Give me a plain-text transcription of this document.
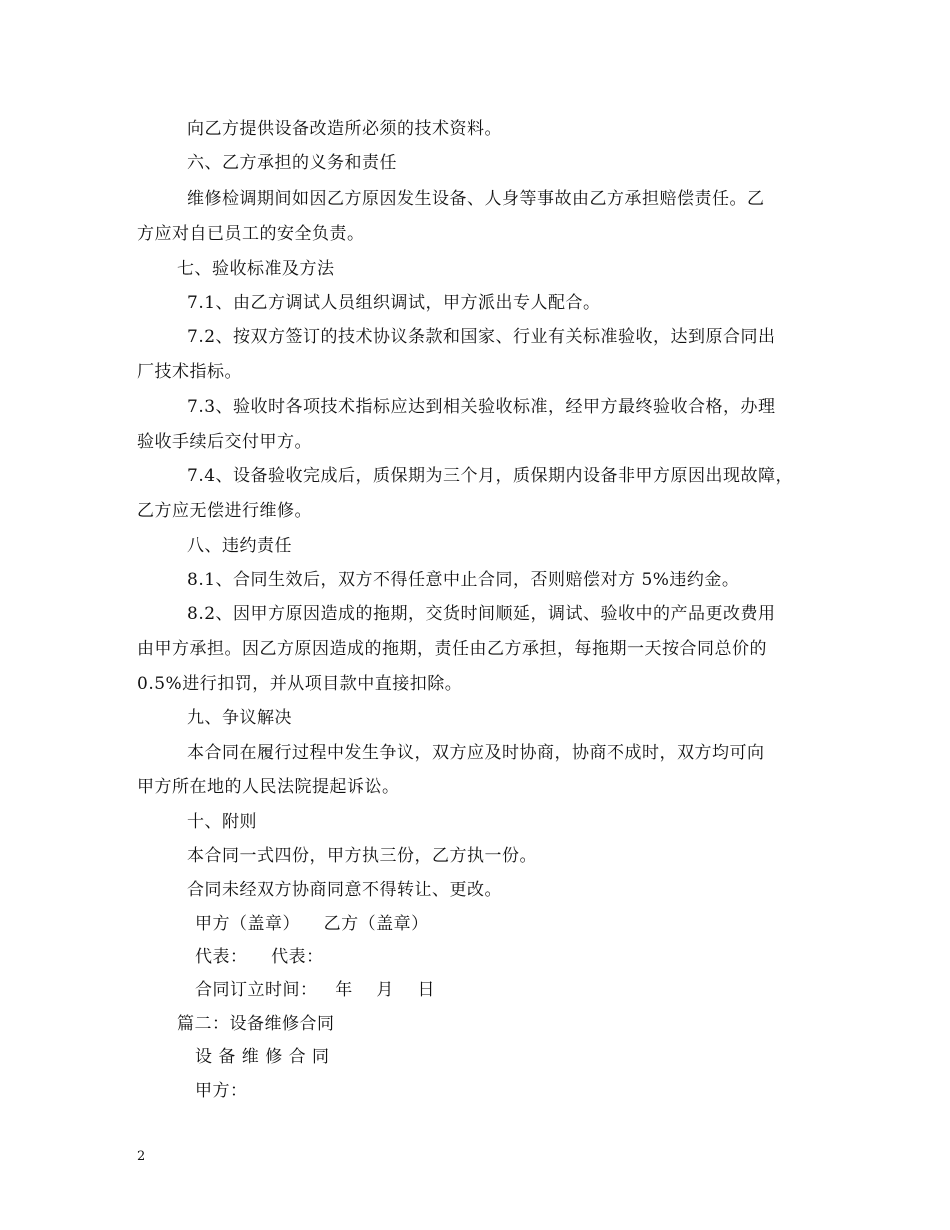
向乙方提供设备改造所必须的技术资料。
六、乙方承担的义务和责任
维修检调期间如因乙方原因发生设备、人身等事故由乙方承担赔偿责任。乙
方应对自已员工的安全负责。
七、验收标准及方法
7.1、由乙方调试人员组织调试，甲方派出专人配合。
7.2、按双方签订的技术协议条款和国家、行业有关标准验收，达到原合同出
厂技术指标。
7.3、验收时各项技术指标应达到相关验收标准，经甲方最终验收合格，办理
验收手续后交付甲方。
7.4、设备验收完成后，质保期为三个月，质保期内设备非甲方原因出现故障，
乙方应无偿进行维修。
八、违约责任
8.1、合同生效后，双方不得任意中止合同，否则赔偿对方 5%违约金。
8.2、因甲方原因造成的拖期，交货时间顺延，调试、验收中的产品更改费用
由甲方承担。因乙方原因造成的拖期，责任由乙方承担，每拖期一天按合同总价的
0.5%进行扣罚，并从项目款中直接扣除。
九、争议解决
本合同在履行过程中发生争议，双方应及时协商，协商不成时，双方均可向
甲方所在地的人民法院提起诉讼。
十、附则
本合同一式四份，甲方执三份，乙方执一份。
合同未经双方协商同意不得转让、更改。
甲方（盖章）    乙方（盖章）
代表：    代表：
合同订立时间：   年    月    日
篇二：设备维修合同
设 备 维 修 合 同
甲方：
2
